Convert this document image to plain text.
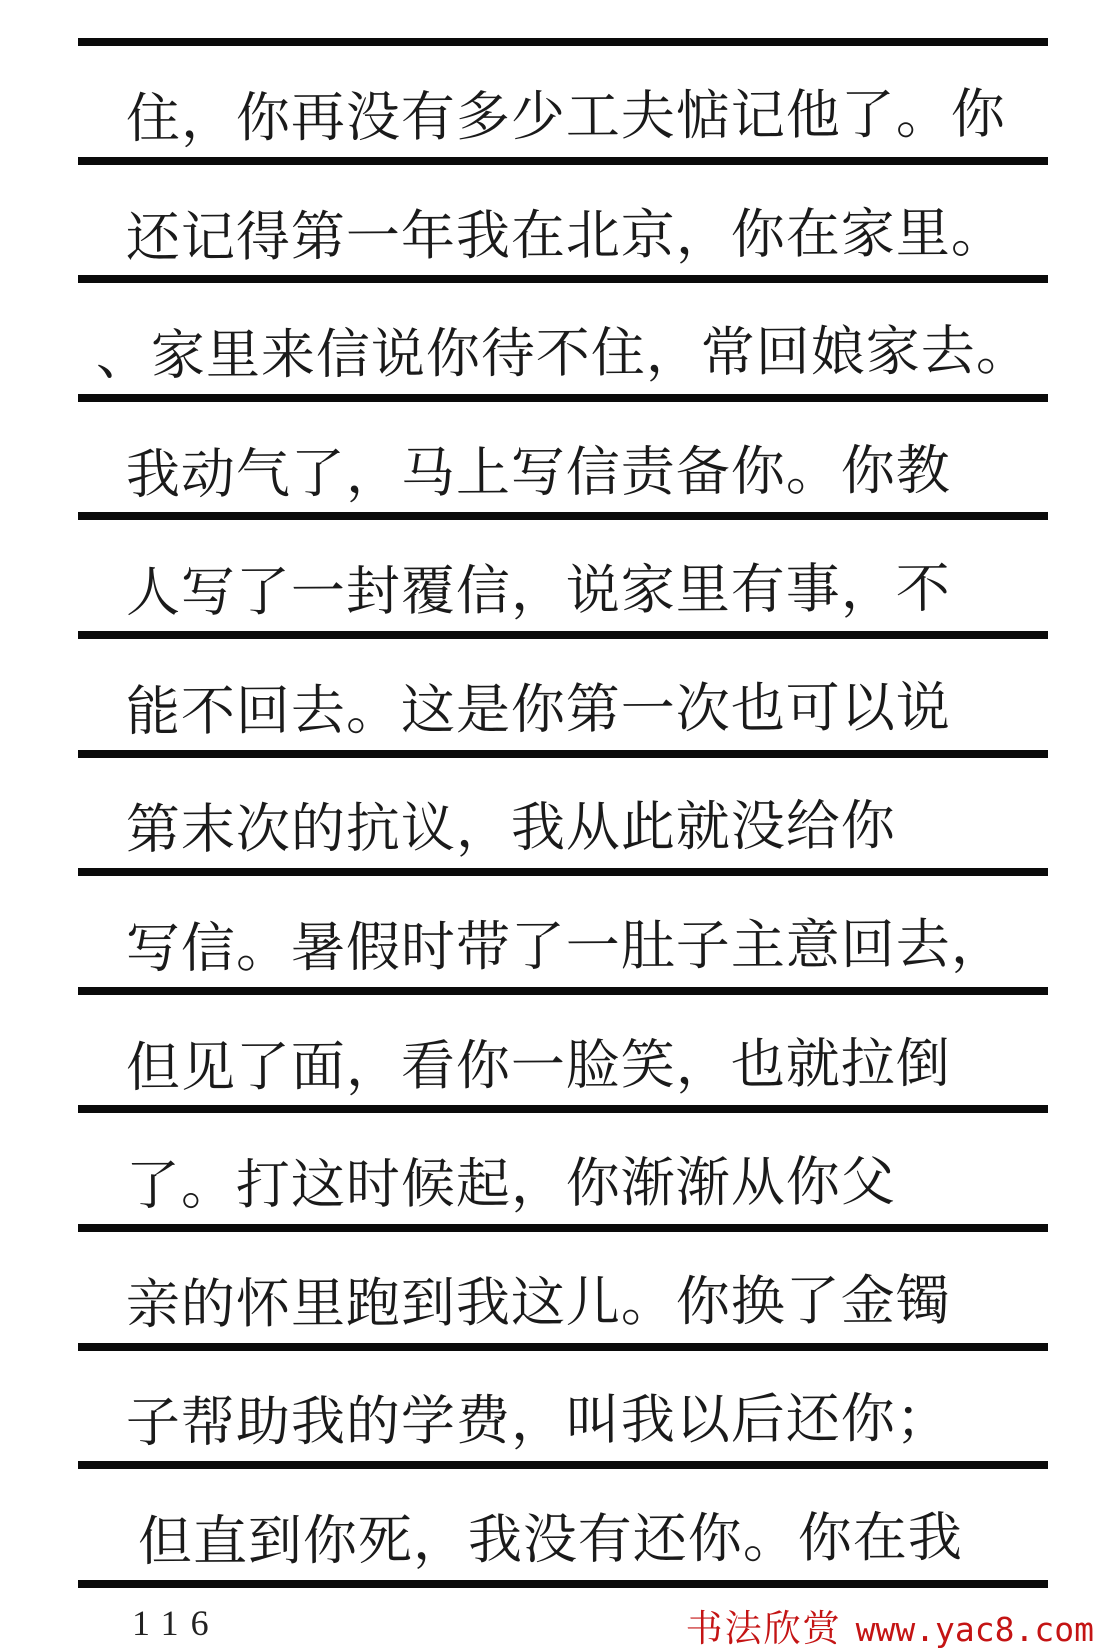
住，你再没有多少工夫惦记他了。你
还记得第一年我在北京，你在家里。
、家里来信说你待不住，常回娘家去。
我动气了，马上写信责备你。你教
人写了一封覆信，说家里有事，不
能不回去。这是你第一次也可以说
第末次的抗议，我从此就没给你
写信。暑假时带了一肚子主意回去，
但见了面，看你一脸笑，也就拉倒
了。打这时候起，你渐渐从你父
亲的怀里跑到我这儿。你换了金镯
子帮助我的学费，叫我以后还你；
但直到你死，我没有还你。你在我
116	书法欣赏 www.yac8.com
